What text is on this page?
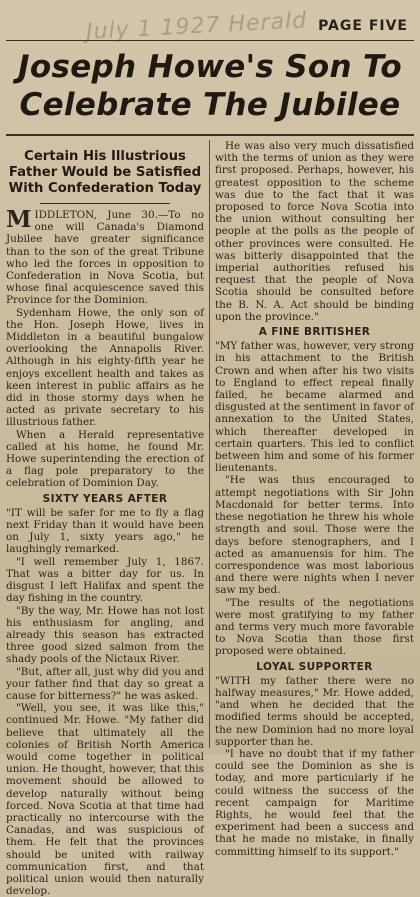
July 1 1927 Herald PAGE FIVE
Joseph Howe's Son To Celebrate The Jubilee
Certain His Illustrious Father Would be Satisfied With Confederation Today

MIDDLETON, June 30.—To no one will Canada's Diamond Jubilee have greater significance than to the son of the great Tribune who led the forces in opposition to Confederation in Nova Scotia, but whose final acquiescence saved this Province for the Dominion.

Sydenham Howe, the only son of the Hon. Joseph Howe, lives in Middleton in a beautiful bungalow overlooking the Annapolis River. Although in his eighty-fifth year he enjoys excellent health and takes as keen interest in public affairs as he did in those stormy days when he acted as private secretary to his illustrious father.

When a Herald representative called at his home, he found Mr. Howe superintending the erection of a flag pole preparatory to the celebration of Dominion Day.

SIXTY YEARS AFTER

"IT will be safer for me to fly a flag next Friday than it would have been on July 1, sixty years ago," he laughingly remarked.

"I well remember July 1, 1867. That was a bitter day for us. In disgust I left Halifax and spent the day fishing in the country.

"By the way, Mr. Howe has not lost his enthusiasm for angling, and already this season has extracted three good sized salmon from the shady pools of the Nictaux River.

"But, after all, just why did you and your father find that day so great a cause for bitterness?" he was asked.

"Well, you see, it was like this," continued Mr. Howe. "My father did believe that ultimately all the colonies of British North America would come together in political union. He thought, however, that this movement should be allowed to develop naturally without being forced. Nova Scotia at that time had practically no intercourse with the Canadas, and was suspicious of them. He felt that the provinces should be united with railway communication first, and that political union would then naturally develop.

He was also very much dissatisfied with the terms of union as they were first proposed. Perhaps, however, his greatest opposition to the scheme was due to the fact that it was proposed to force Nova Scotia into the union without consulting her people at the polls as the people of other provinces were consulted. He was bitterly disappointed that the imperial authorities refused his request that the people of Nova Scotia should be consulted before the B. N. A. Act should be binding upon the province."

A FINE BRITISHER

"MY father was, however, very strong in his attachment to the British Crown and when after his two visits to England to effect repeal finally failed, he became alarmed and disgusted at the sentiment in favor of annexation to the United States, which thereafter developed in certain quarters. This led to conflict between him and some of his former lieutenants.

"He was thus encouraged to attempt negotiations with Sir John Macdonald for better terms. Into these negotiation he threw his whole strength and soul. Those were the days before stenographers, and I acted as amanuensis for him. The correspondence was most laborious and there were nights when I never saw my bed.

"The results of the negotiations were most gratifying to my father and terms very much more favorable to Nova Scotia than those first proposed were obtained.

LOYAL SUPPORTER

"WITH my father there were no halfway measures," Mr. Howe added, "and when he decided that the modified terms should be accepted, the new Dominion had no more loyal supporter than he.

"I have no doubt that if my father could see the Dominion as she is today, and more particularly if he could witness the success of the recent campaign for Maritime Rights, he would feel that the experiment had been a success and that he made no mistake, in finally committing himself to its support."
